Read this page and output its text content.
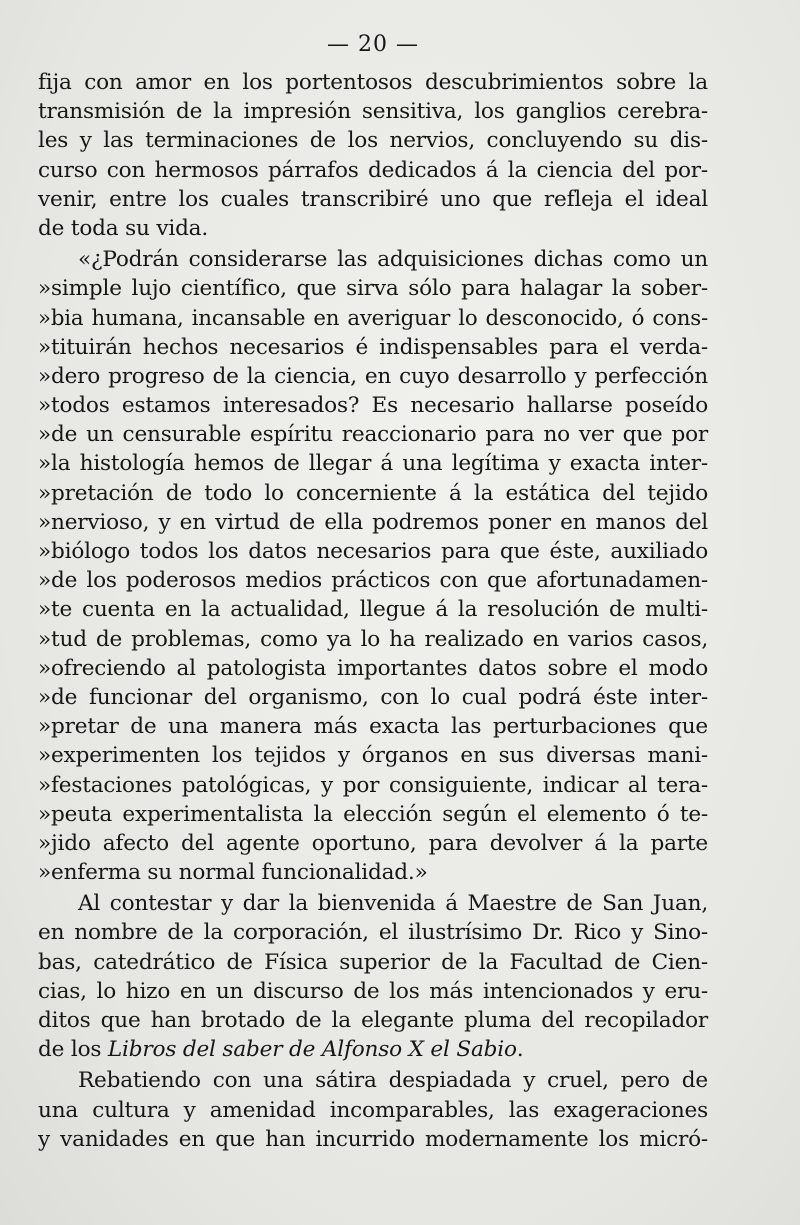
— 20 —
fija con amor en los portentosos descubrimientos sobre la
transmisión de la impresión sensitiva, los ganglios cerebra-
les y las terminaciones de los nervios, concluyendo su dis-
curso con hermosos párrafos dedicados á la ciencia del por-
venir, entre los cuales transcribiré uno que refleja el ideal
de toda su vida.
«¿Podrán considerarse las adquisiciones dichas como un
»simple lujo científico, que sirva sólo para halagar la sober-
»bia humana, incansable en averiguar lo desconocido, ó cons-
»tituirán hechos necesarios é indispensables para el verda-
»dero progreso de la ciencia, en cuyo desarrollo y perfección
»todos estamos interesados? Es necesario hallarse poseído
»de un censurable espíritu reaccionario para no ver que por
»la histología hemos de llegar á una legítima y exacta inter-
»pretación de todo lo concerniente á la estática del tejido
»nervioso, y en virtud de ella podremos poner en manos del
»biólogo todos los datos necesarios para que éste, auxiliado
»de los poderosos medios prácticos con que afortunadamen-
»te cuenta en la actualidad, llegue á la resolución de multi-
»tud de problemas, como ya lo ha realizado en varios casos,
»ofreciendo al patologista importantes datos sobre el modo
»de funcionar del organismo, con lo cual podrá éste inter-
»pretar de una manera más exacta las perturbaciones que
»experimenten los tejidos y órganos en sus diversas mani-
»festaciones patológicas, y por consiguiente, indicar al tera-
»peuta experimentalista la elección según el elemento ó te-
»jido afecto del agente oportuno, para devolver á la parte
»enferma su normal funcionalidad.»
Al contestar y dar la bienvenida á Maestre de San Juan,
en nombre de la corporación, el ilustrísimo Dr. Rico y Sino-
bas, catedrático de Física superior de la Facultad de Cien-
cias, lo hizo en un discurso de los más intencionados y eru-
ditos que han brotado de la elegante pluma del recopilador
de los Libros del saber de Alfonso X el Sabio.
Rebatiendo con una sátira despiadada y cruel, pero de
una cultura y amenidad incomparables, las exageraciones
y vanidades en que han incurrido modernamente los micró-
